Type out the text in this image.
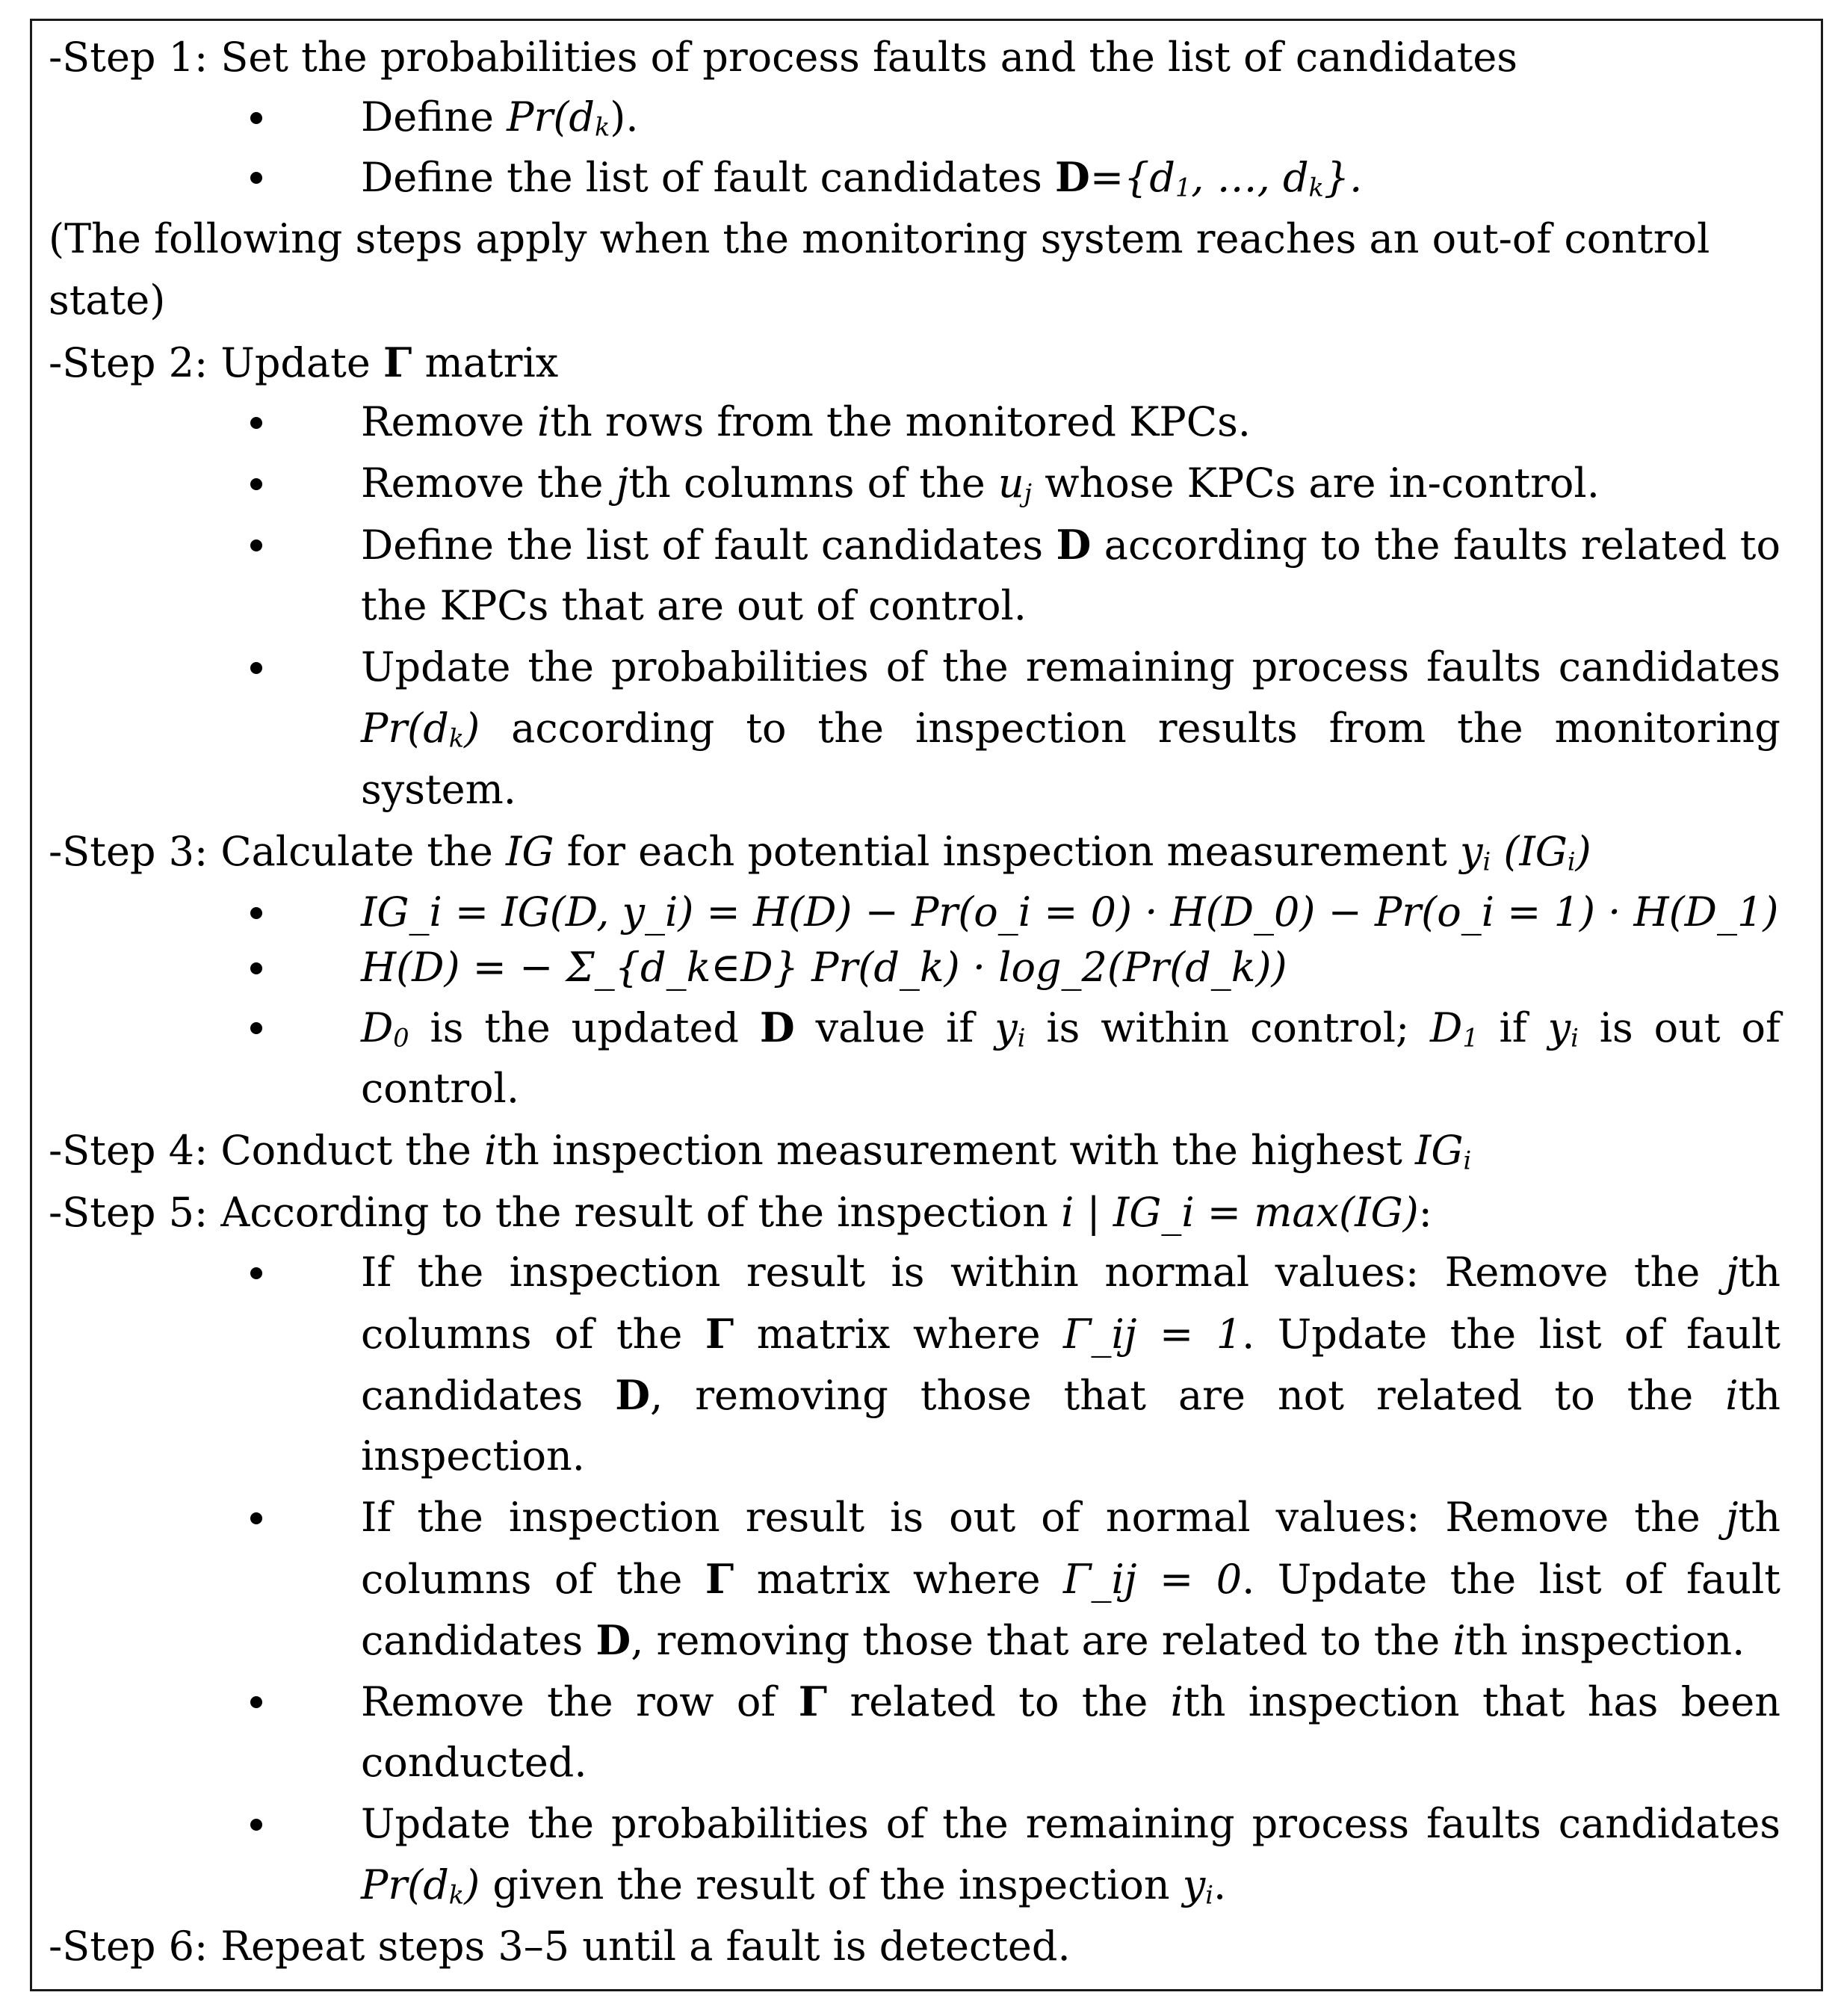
-Step 1: Set the probabilities of process faults and the list of candidates
Define $Pr(d_k)$.
Define the list of fault candidates $D=\{d_1$, …, $d_k$}.
(The following steps apply when the monitoring system reaches an out-of control
state)
-Step 2: Update Γ matrix
Remove ith rows from the monitored KPCs.
Remove the jth columns of the $u_j$ whose KPCs are in-control.
Define the list of fault candidates D according to the faults related to
the KPCs that are out of control.
Update the probabilities of the remaining process faults candidates
$Pr(d_k)$ according to the inspection results from the monitoring
system.
-Step 3: Calculate the IG for each potential inspection measurement $y_i$ $(IG_i)$
IG_i = IG(D, y_i) = H(D) − Pr(o_i = 0) · H(D_0) − Pr(o_i = 1) · H(D_1)
H(D) = − Σ_{d_k∈D} Pr(d_k) · log_2(Pr(d_k))
$D_0$ is the updated D value if $y_i$ is within control; $D_1$ if $y_i$ is out of
control.
-Step 4: Conduct the ith inspection measurement with the highest $IG_i$
-Step 5: According to the result of the inspection i | IG_i = max(IG):
If the inspection result is within normal values: Remove the jth
columns of the Γ matrix where Γ_ij = 1. Update the list of fault
candidates D, removing those that are not related to the ith
inspection.
If the inspection result is out of normal values: Remove the jth
columns of the Γ matrix where Γ_ij = 0. Update the list of fault
candidates D, removing those that are related to the ith inspection.
Remove the row of Γ related to the ith inspection that has been
conducted.
Update the probabilities of the remaining process faults candidates
$Pr(d_k)$ given the result of the inspection $y_i$.
-Step 6: Repeat steps 3–5 until a fault is detected.
